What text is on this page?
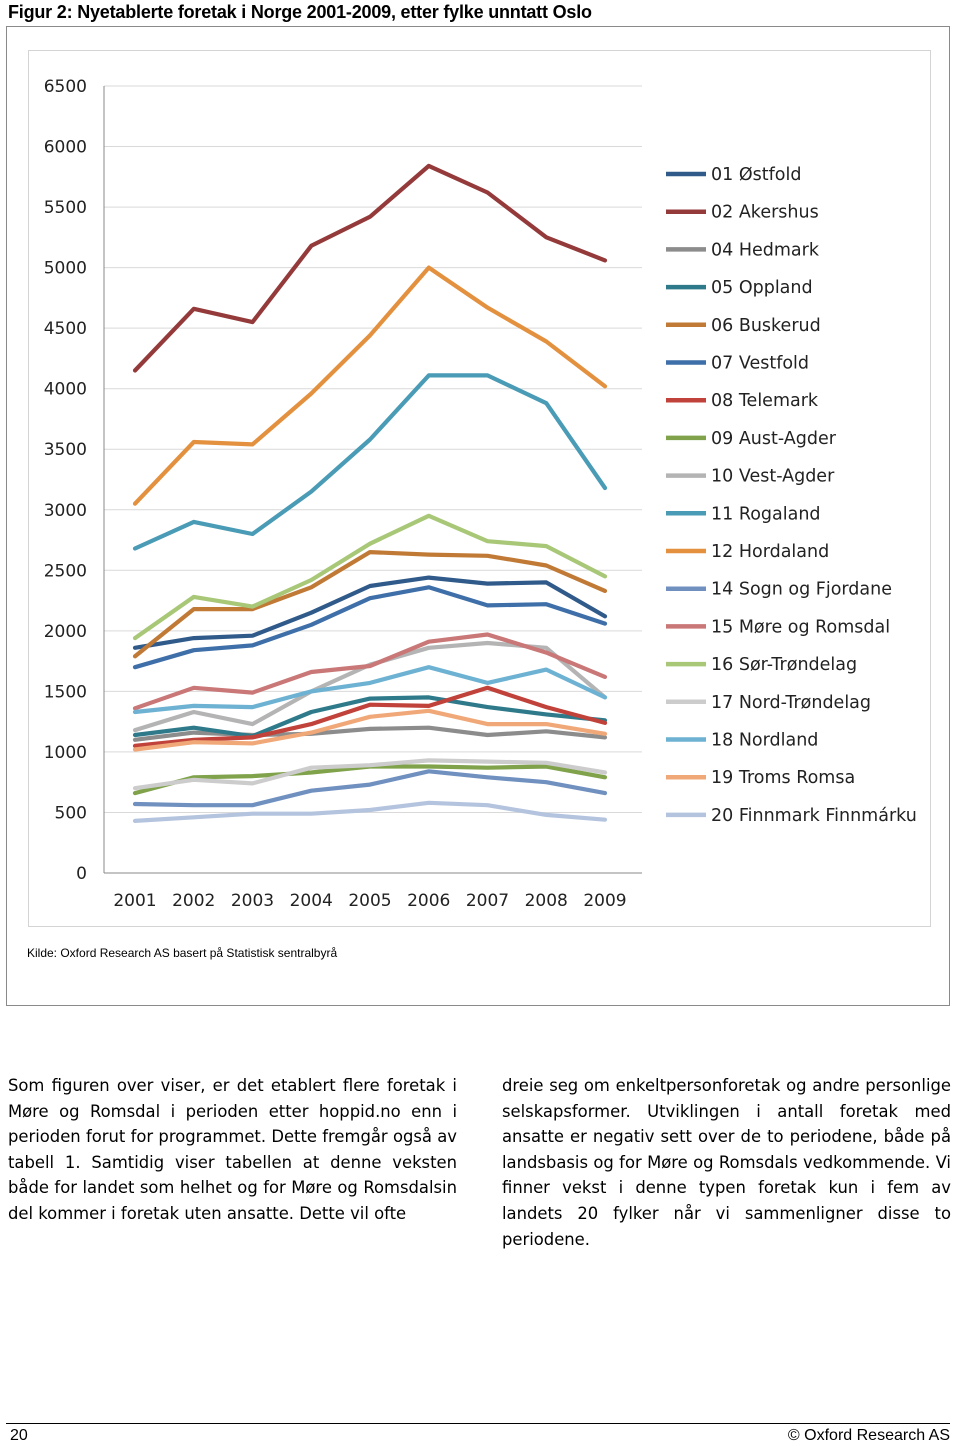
Figur 2: Nyetablerte foretak i Norge 2001-2009, etter fylke unntatt Oslo
0
500
1000
1500
2000
2500
3000
3500
4000
4500
5000
5500
6000
6500
2001 2002 2003 2004 2005 2006 2007 2008 2009
01 Østfold
02 Akershus
04 Hedmark
05 Oppland
06 Buskerud
07 Vestfold
08 Telemark
09 Aust-Agder
10 Vest-Agder
11 Rogaland
12 Hordaland
14 Sogn og Fjordane
15 Møre og Romsdal
16 Sør-Trøndelag
17 Nord-Trøndelag
18 Nordland
19 Troms Romsa
20 Finnmark Finnmárku
Kilde: Oxford Research AS basert på Statistisk sentralbyrå
Som figuren over viser, er det etablert flere foretak i Møre og Romsdal i perioden etter hoppid.no enn i perioden forut for programmet. Dette fremgår også av tabell 1. Samtidig viser tabellen at denne veksten både for landet som helhet og for Møre og Romsdalsin del kommer i foretak uten ansatte. Dette vil ofte
dreie seg om enkeltpersonforetak og andre personlige selskapsformer. Utviklingen i antall foretak med ansatte er negativ sett over de to periodene, både på landsbasis og for Møre og Romsdals vedkommende. Vi finner vekst i denne typen foretak kun i fem av landets 20 fylker når vi sammenligner disse to periodene.
20	© Oxford Research AS
